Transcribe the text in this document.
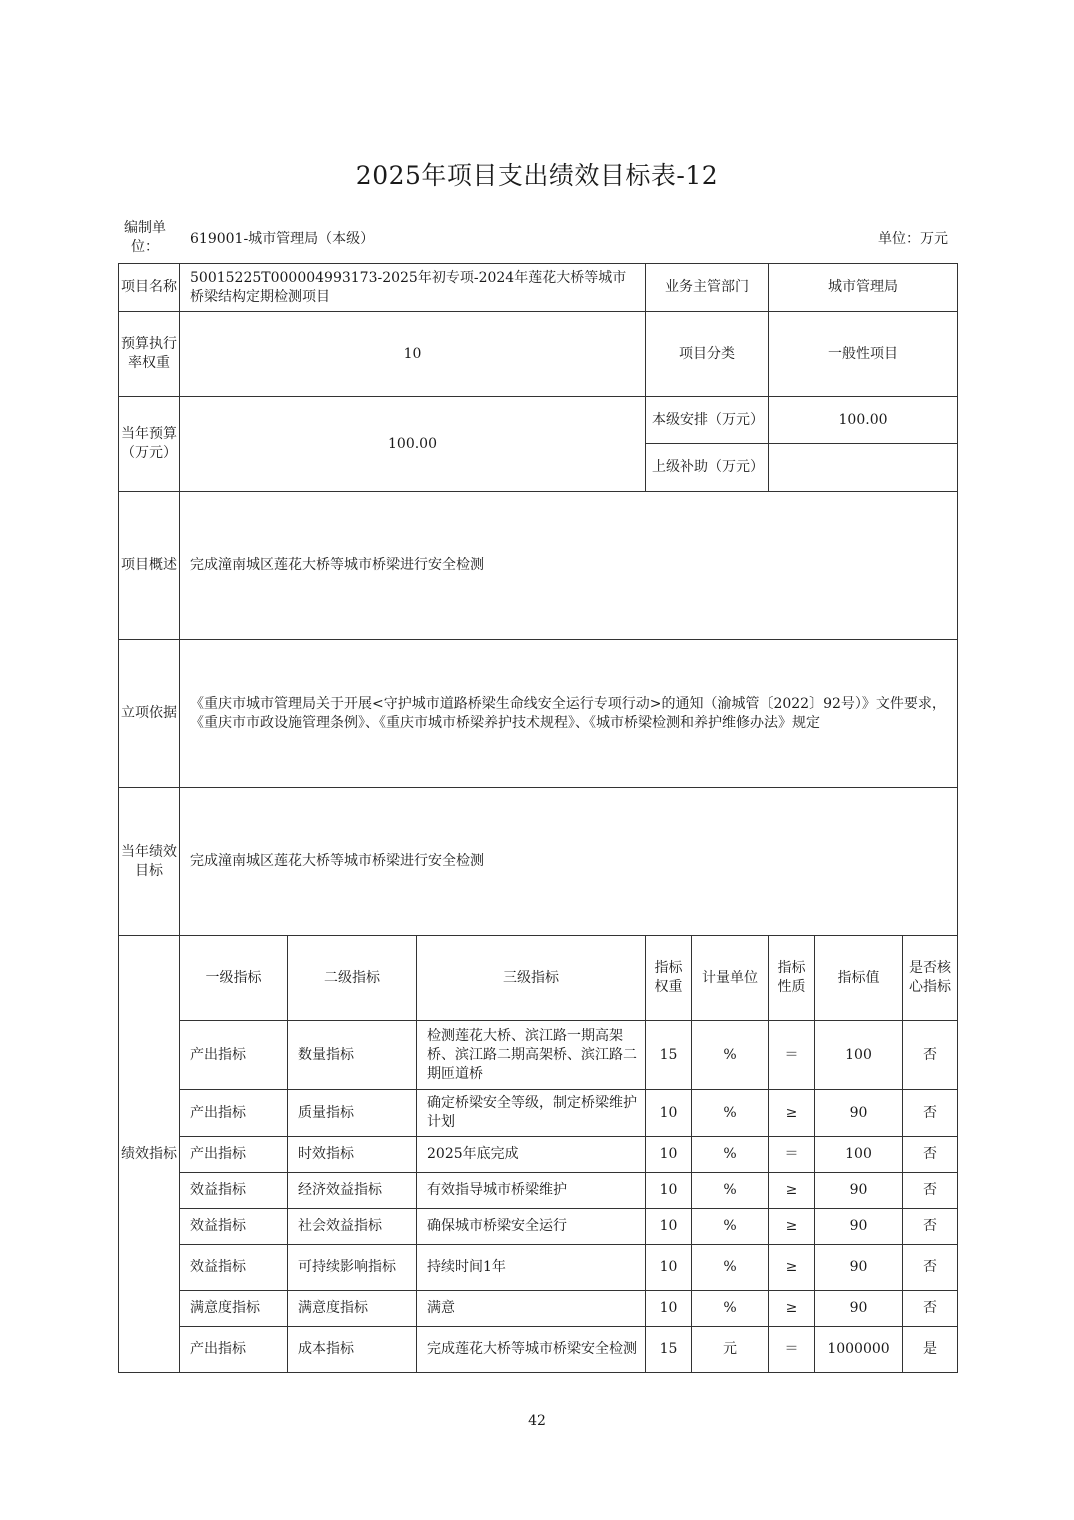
2025年项目支出绩效目标表-12
编制单位：	619001-城市管理局（本级）	单位：万元
项目名称	50015225T000004993173-2025年初专项-2024年莲花大桥等城市桥梁结构定期检测项目			业务主管部门		城市管理局		
预算执行率权重	10			项目分类		一般性项目		
当年预算（万元）	100.00			本级安排（万元）		100.00		
				上级补助（万元）				
项目概述	完成潼南城区莲花大桥等城市桥梁进行安全检测							
立项依据	《重庆市城市管理局关于开展<守护城市道路桥梁生命线安全运行专项行动>的通知（渝城管〔2022〕92号）》文件要求，《重庆市市政设施管理条例》、《重庆市城市桥梁养护技术规程》、《城市桥梁检测和养护维修办法》规定							
当年绩效目标	完成潼南城区莲花大桥等城市桥梁进行安全检测							
绩效指标	一级指标	二级指标	三级指标	指标权重	计量单位	指标性质	指标值	是否核心指标
	产出指标	数量指标	检测莲花大桥、滨江路一期高架桥、滨江路二期高架桥、滨江路二期匝道桥	15	%	＝	100	否
	产出指标	质量指标	确定桥梁安全等级，制定桥梁维护计划	10	%	≥	90	否
	产出指标	时效指标	2025年底完成	10	%	＝	100	否
	效益指标	经济效益指标	有效指导城市桥梁维护	10	%	≥	90	否
	效益指标	社会效益指标	确保城市桥梁安全运行	10	%	≥	90	否
	效益指标	可持续影响指标	持续时间1年	10	%	≥	90	否
	满意度指标	满意度指标	满意	10	%	≥	90	否
	产出指标	成本指标	完成莲花大桥等城市桥梁安全检测	15	元	＝	1000000	是
42
